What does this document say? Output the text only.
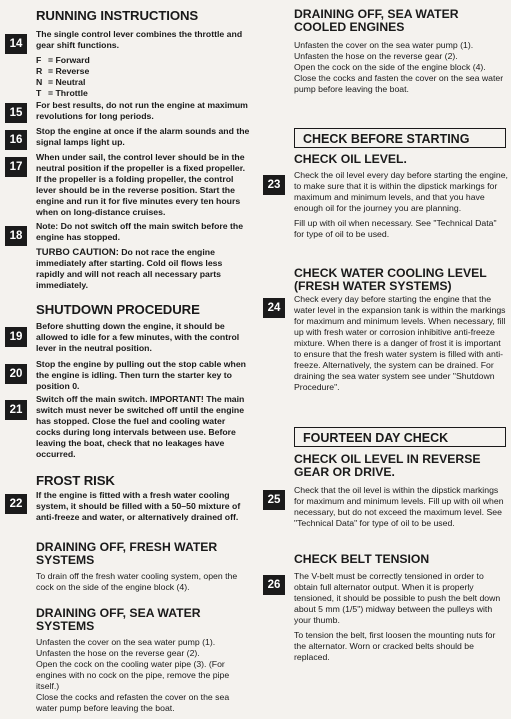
RUNNING INSTRUCTIONS
14

The single control lever combines the throttle and gear shift functions.

F = Forward
R = Reverse
N = Neutral
T = Throttle
15

For best results, do not run the engine at maximum revolutions for long periods.

16

Stop the engine at once if the alarm sounds and the signal lamps light up.

17

When under sail, the control lever should be in the neutral position if the propeller is a fixed propeller. If the propeller is a folding propeller, the control lever should be in the reverse position. Start the engine and run it for five minutes every ten hours when on long-distance cruises.

18

Note: Do not switch off the main switch before the engine has stopped.

TURBO CAUTION: Do not race the engine immediately after starting. Cold oil flows less rapidly and will not reach all necessary parts immediately.

SHUTDOWN PROCEDURE
19

Before shutting down the engine, it should be allowed to idle for a few minutes, with the control lever in the neutral position.

20

Stop the engine by pulling out the stop cable when the engine is idling. Then turn the starter key to position 0.

21

Switch off the main switch. IMPORTANT! The main switch must never be switched off until the engine has stopped. Close the fuel and cooling water cocks during long intervals between use. Before leaving the boat, check that no leakages have occurred.

FROST RISK
22

If the engine is fitted with a fresh water cooling system, it should be filled with a 50–50 mixture of anti-freeze and water, or alternatively drained off.

DRAINING OFF, FRESH WATER SYSTEMS

To drain off the fresh water cooling system, open the cock on the side of the engine block (4).

DRAINING OFF, SEA WATER SYSTEMS

Unfasten the cover on the sea water pump (1).

Unfasten the hose on the reverse gear (2).

Open the cock on the cooling water pipe (3). (For engines with no cock on the pipe, remove the pipe itself.)

Close the cocks and refasten the cover on the sea water pump before leaving the boat.

DRAINING OFF, SEA WATER COOLED ENGINES

Unfasten the cover on the sea water pump (1).

Unfasten the hose on the reverse gear (2).

Open the cock on the side of the engine block (4).

Close the cocks and fasten the cover on the sea water pump before leaving the boat.

CHECK BEFORE STARTING
CHECK OIL LEVEL.
23

Check the oil level every day before starting the engine, to make sure that it is within the dipstick markings for maximum and minimum levels, and that you have enough oil for the journey you are planning.

Fill up with oil when necessary. See "Technical Data" for type of oil to be used.

CHECK WATER COOLING LEVEL (FRESH WATER SYSTEMS)
24

Check every day before starting the engine that the water level in the expansion tank is within the markings for maximum and minimum levels. When necessary, fill up with fresh water or corrosion inhibitive anti-freeze mixture. When there is a danger of frost it is important to ensure that the fresh water system is filled with anti-freeze. Alternatively, the system can be drained. For draining the sea water system see under "Shutdown Procedure".

FOURTEEN DAY CHECK
CHECK OIL LEVEL IN REVERSE GEAR OR DRIVE.
25

Check that the oil level is within the dipstick markings for maximum and minimum levels. Fill up with oil when necessary, but do not exceed the maximum level. See "Technical Data" for type of oil to be used.

CHECK BELT TENSION
26

The V-belt must be correctly tensioned in order to obtain full alternator output. When it is properly tensioned, it should be possible to push the belt down about 5 mm (1/5") midway between the pulleys with your thumb.

To tension the belt, first loosen the mounting nuts for the alternator. Worn or cracked belts should be replaced.
